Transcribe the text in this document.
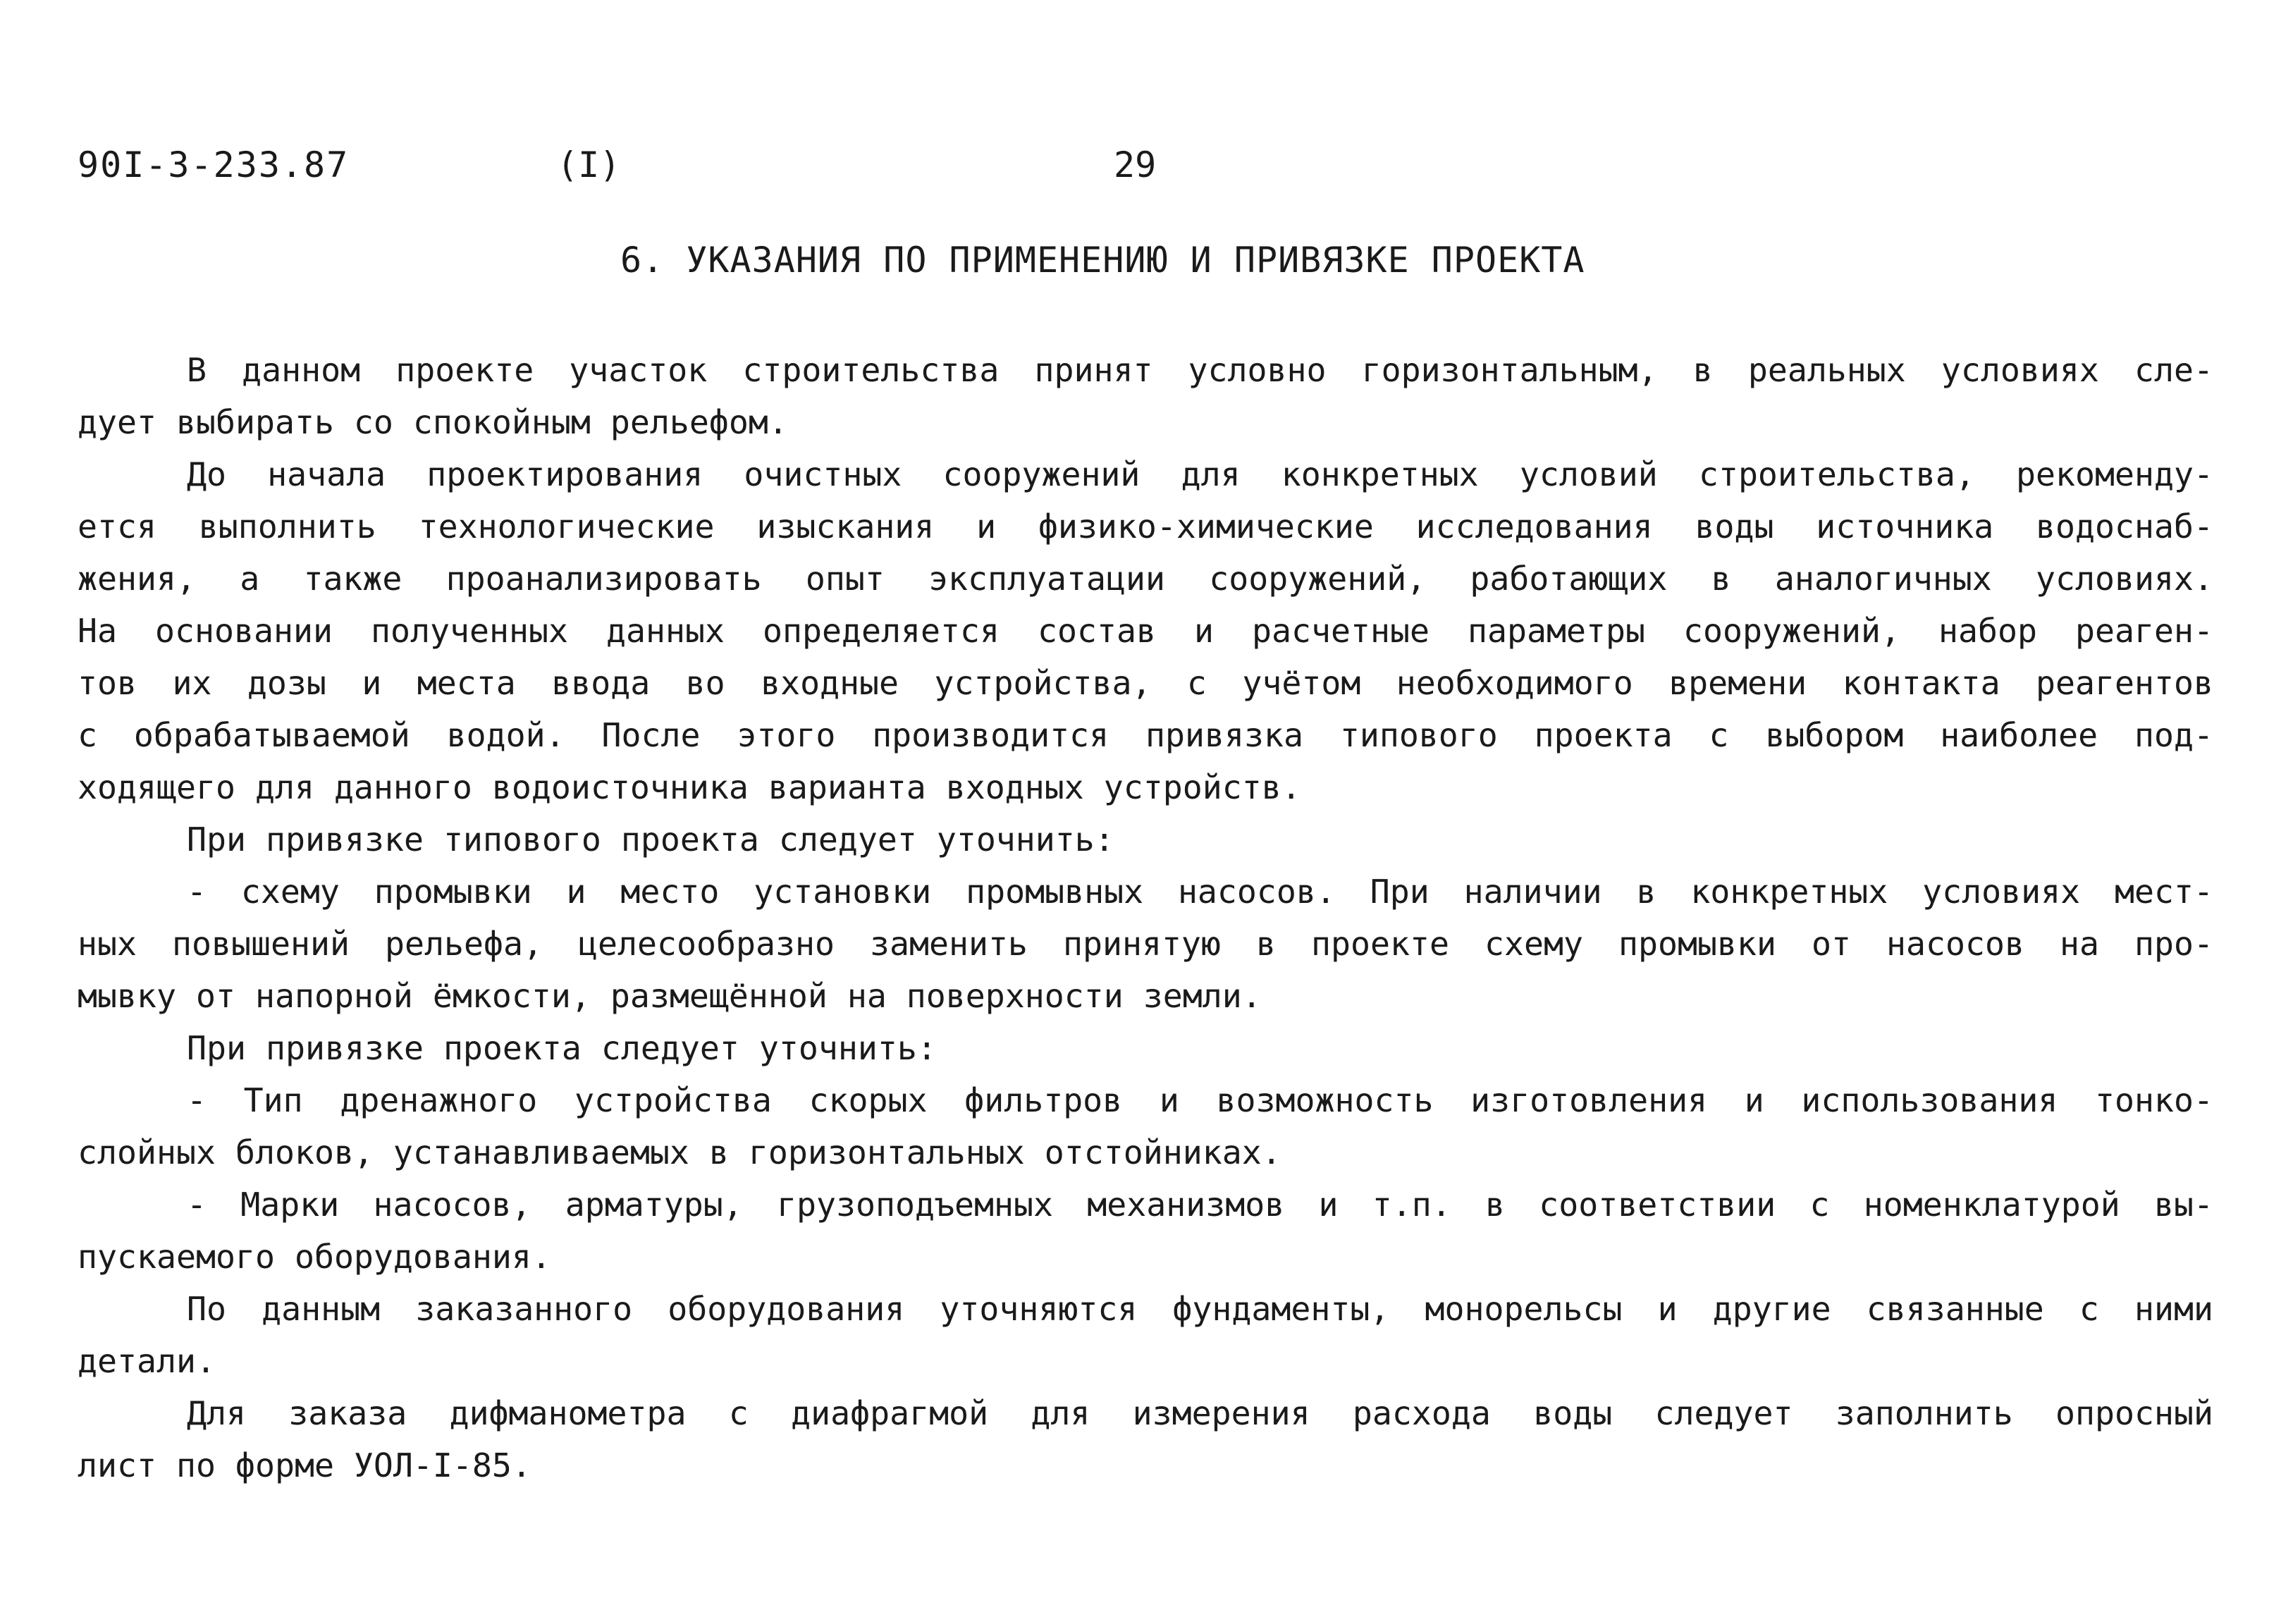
90I-3-233.87	(I)	29
6. УКАЗАНИЯ ПО ПРИМЕНЕНИЮ И ПРИВЯЗКЕ ПРОЕКТА
В данном проекте участок строительства принят условно горизонтальным, в реальных условиях сле-
дует выбирать со спокойным рельефом.
До начала проектирования очистных сооружений для конкретных условий строительства, рекоменду-
ется выполнить технологические изыскания и физико-химические исследования воды источника водоснаб-
жения, а также проанализировать опыт эксплуатации сооружений, работающих в аналогичных условиях.
На основании полученных данных определяется состав и расчетные параметры сооружений, набор реаген-
тов их дозы и места ввода во входные устройства, с учётом необходимого времени контакта реагентов
с обрабатываемой водой. После этого производится привязка типового проекта с выбором наиболее под-
ходящего для данного водоисточника варианта входных устройств.
При привязке типового проекта следует уточнить:
- схему промывки и место установки промывных насосов. При наличии в конкретных условиях мест-
ных повышений рельефа, целесообразно заменить принятую в проекте схему промывки от насосов на про-
мывку от напорной ёмкости, размещённой на поверхности земли.
При привязке проекта следует уточнить:
- Тип дренажного устройства скорых фильтров и возможность изготовления и использования тонко-
слойных блоков, устанавливаемых в горизонтальных отстойниках.
- Марки насосов, арматуры, грузоподъемных механизмов и т.п. в соответствии с номенклатурой вы-
пускаемого оборудования.
По данным заказанного оборудования уточняются фундаменты, монорельсы и другие связанные с ними
детали.
Для заказа дифманометра с диафрагмой для измерения расхода воды следует заполнить опросный
лист по форме УОЛ-I-85.
